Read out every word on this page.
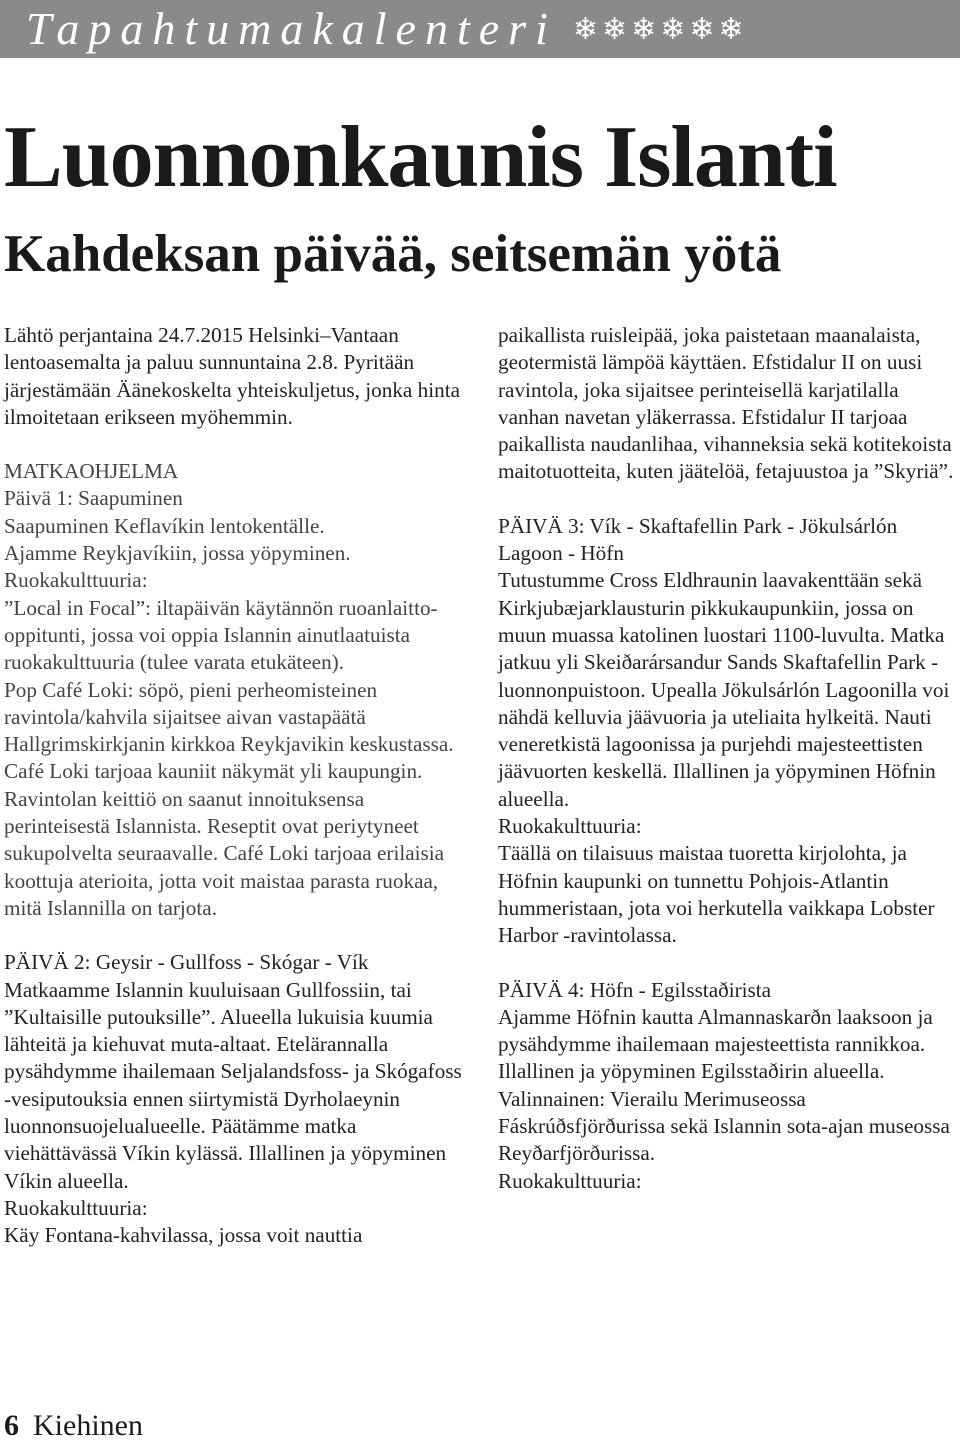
Tapahtumakalenteri ❄❄❄❄❄❄
Luonnonkaunis Islanti
Kahdeksan päivää, seitsemän yötä

Lähtö perjantaina 24.7.2015 Helsinki–Vantaan lentoasemalta ja paluu sunnuntaina 2.8. Pyritään järjestämään Äänekoskelta yhteiskuljetus, jonka hinta ilmoitetaan erikseen myöhemmin.

MATKAOHJELMA

Päivä 1: Saapuminen

Saapuminen Keflavíkin lentokentälle.

Ajamme Reykjavíkiin, jossa yöpyminen.

Ruokakulttuuria:

”Local in Focal”: iltapäivän käytännön ruoanlaitto-oppitunti, jossa voi oppia Islannin ainutlaatuista ruokakulttuuria (tulee varata etukäteen).

Pop Café Loki: söpö, pieni perheomisteinen ravintola/kahvila sijaitsee aivan vastapäätä Hallgrimskirkjanin kirkkoa Reykjavikin keskustassa. Café Loki tarjoaa kauniit näkymät yli kaupungin. Ravintolan keittiö on saanut innoituksensa perinteisestä Islannista. Reseptit ovat periytyneet sukupolvelta seuraavalle. Café Loki tarjoaa erilaisia koottuja aterioita, jotta voit maistaa parasta ruokaa, mitä Islannilla on tarjota.

PÄIVÄ 2: Geysir - Gullfoss - Skógar - Vík

Matkaamme Islannin kuuluisaan Gullfossiin, tai ”Kultaisille putouksille”. Alueella lukuisia kuumia lähteitä ja kiehuvat muta-altaat. Etelärannalla pysähdymme ihailemaan Seljalandsfoss- ja Skógafoss -vesiputouksia ennen siirtymistä Dyrholaeynin luonnonsuojelualueelle. Päätämme matka viehättävässä Víkin kylässä. Illallinen ja yöpyminen Víkin alueella.

Ruokakulttuuria:

Käy Fontana-kahvilassa, jossa voit nauttia

paikallista ruisleipää, joka paistetaan maanalaista, geotermistä lämpöä käyttäen. Efstidalur II on uusi ravintola, joka sijaitsee perinteisellä karjatilalla vanhan navetan yläkerrassa. Efstidalur II tarjoaa paikallista naudanlihaa, vihanneksia sekä kotitekoista maitotuotteita, kuten jäätelöä, fetajuustoa ja ”Skyriä”.

PÄIVÄ 3: Vík - Skaftafellin Park - Jökulsárlón Lagoon - Höfn

Tutustumme Cross Eldhraunin laavakenttään sekä Kirkjubæjarklausturin pikkukaupunkiin, jossa on muun muassa katolinen luostari 1100-luvulta. Matka jatkuu yli Skeiðarársandur Sands Skaftafellin Park -luonnonpuistoon. Upealla Jökulsárlón Lagoonilla voi nähdä kelluvia jäävuoria ja uteliaita hylkeitä. Nauti veneretkistä lagoonissa ja purjehdi majesteettisten jäävuorten keskellä. Illallinen ja yöpyminen Höfnin alueella.

Ruokakulttuuria:

Täällä on tilaisuus maistaa tuoretta kirjolohta, ja Höfnin kaupunki on tunnettu Pohjois-Atlantin hummeristaan, jota voi herkutella vaikkapa Lobster Harbor -ravintolassa.

PÄIVÄ 4: Höfn - Egilsstaðirista

Ajamme Höfnin kautta Almannaskarðn laaksoon ja pysähdymme ihailemaan majesteettista rannikkoa. Illallinen ja yöpyminen Egilsstaðirin alueella.

Valinnainen: Vierailu Merimuseossa Fáskrúðsfjörðurissa sekä Islannin sota-ajan museossa Reyðarfjörðurissa.

Ruokakulttuuria:

6 Kiehinen
